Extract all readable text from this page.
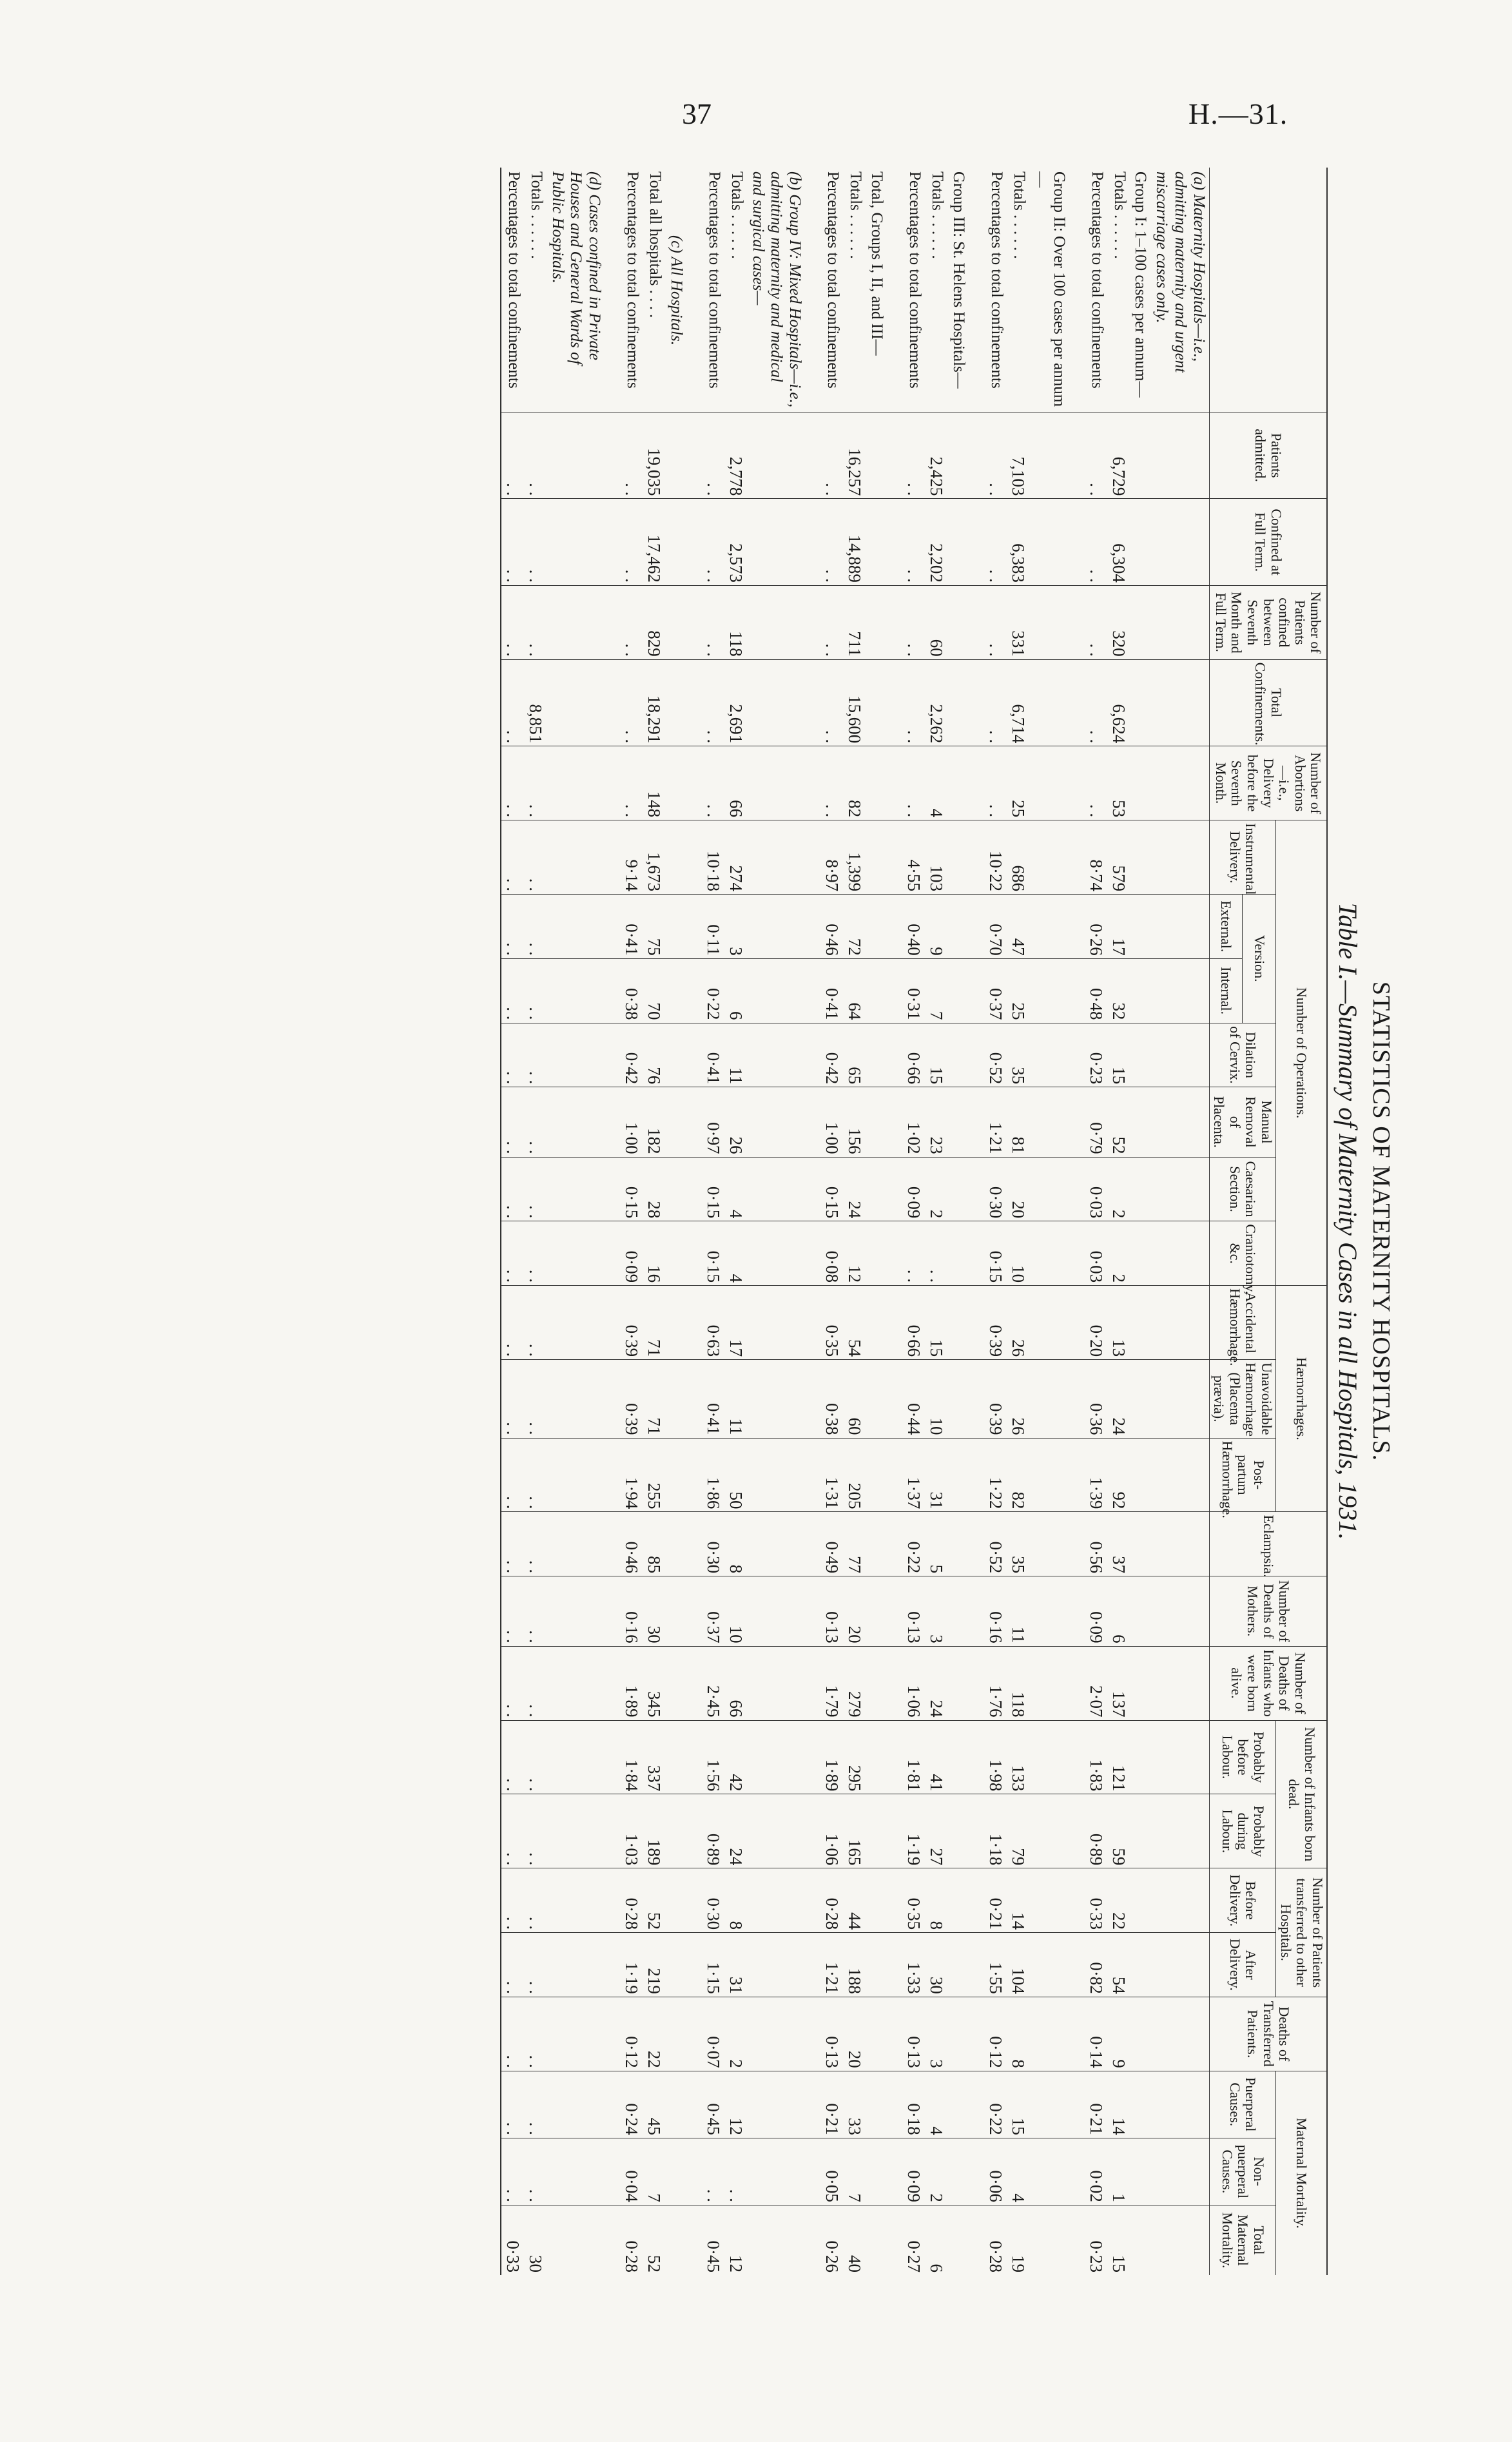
37	H.—31.
STATISTICS OF MATERNITY HOSPITALS.
Table I.—Summary of Maternity Cases in all Hospitals, 1931.
	Patients admitted.	Confined at Full Term.	Number of Patients confined between Seventh Month and Full Term.	Total Confinements.	Number of Abortions—i.e., Delivery before the Seventh Month.	Number of Operations.							Hæmorrhages.			Eclampsia.	Number of Deaths of Mothers.	Number of Deaths of Infants who were born alive.	Number of Infants born dead.		Number of Patients transferred to other Hospitals.		Deaths of Transferred Patients.	Maternal Mortality.		
						Instrumental Delivery.	Version.		Dilation of Cervix.	Manual Removal of Placenta.	Caesarian Section.	Craniotomy, &c.	Accidental Hæmorrhage.	Unavoidable Hæmorrhage (Placenta prævia).	Post-partum Hæmorrhage.				Probably before Labour.	Probably during Labour.	Before Delivery.	After Delivery.		Puerperal Causes.	Non-puerperal Causes.	Total Maternal Mortality.
							External.	Internal.																		
(a) Maternity Hospitals—i.e., admitting maternity and urgent miscarriage cases only.																										
Group I: 1–100 cases per annum—																										
Totals . . . . . .	6,729	6,304	320	6,624	53	579	17	32	15	52	2	2	13	24	92	37	6	137	121	59	22	54	9	14	1	15
Percentages to total confinements	. .	. .	. .	. .	. .	8·74	0·26	0·48	0·23	0·79	0·03	0·03	0·20	0·36	1·39	0·56	0·09	2·07	1·83	0·89	0·33	0·82	0·14	0·21	0·02	0·23

Group II: Over 100 cases per annum—																										
Totals . . . . . .	7,103	6,383	331	6,714	25	686	47	25	35	81	20	10	26	26	82	35	11	118	133	79	14	104	8	15	4	19
Percentages to total confinements	. .	. .	. .	. .	. .	10·22	0·70	0·37	0·52	1·21	0·30	0·15	0·39	0·39	1·22	0·52	0·16	1·76	1·98	1·18	0·21	1·55	0·12	0·22	0·06	0·28

Group III: St. Helens Hospitals—																										
Totals . . . . . .	2,425	2,202	60	2,262	4	103	9	7	15	23	2	. .	15	10	31	5	3	24	41	27	8	30	3	4	2	6
Percentages to total confinements	. .	. .	. .	. .	. .	4·55	0·40	0·31	0·66	1·02	0·09	. .	0·66	0·44	1·37	0·22	0·13	1·06	1·81	1·19	0·35	1·33	0·13	0·18	0·09	0·27

Total, Groups I, II, and III—																										
Totals . . . . . .	16,257	14,889	711	15,600	82	1,399	72	64	65	156	24	12	54	60	205	77	20	279	295	165	44	188	20	33	7	40
Percentages to total confinements	. .	. .	. .	. .	. .	8·97	0·46	0·41	0·42	1·00	0·15	0·08	0·35	0·38	1·31	0·49	0·13	1·79	1·89	1·06	0·28	1·21	0·13	0·21	0·05	0·26

(b) Group IV: Mixed Hospitals—i.e., admitting maternity and medical and surgical cases—																										
Totals . . . . . .	2,778	2,573	118	2,691	66	274	3	6	11	26	4	4	17	11	50	8	10	66	42	24	8	31	2	12	. .	12
Percentages to total confinements	. .	. .	. .	. .	. .	10·18	0·11	0·22	0·41	0·97	0·15	0·15	0·63	0·41	1·86	0·30	0·37	2·45	1·56	0·89	0·30	1·15	0·07	0·45	. .	0·45

(c) All Hospitals.																										
Total all hospitals . . . .	19,035	17,462	829	18,291	148	1,673	75	70	76	182	28	16	71	71	255	85	30	345	337	189	52	219	22	45	7	52
Percentages to total confinements	. .	. .	. .	. .	. .	9·14	0·41	0·38	0·42	1·00	0·15	0·09	0·39	0·39	1·94	0·46	0·16	1·89	1·84	1·03	0·28	1·19	0·12	0·24	0·04	0·28

(d) Cases confined in Private Houses and General Wards of Public Hospitals.																										
Totals . . . . . .	. .	. .	. .	8,851	. .	. .	. .	. .	. .	. .	. .	. .	. .	. .	. .	. .	. .	. .	. .	. .	. .	. .	. .	. .	. .	30
Percentages to total confinements	. .	. .	. .	. .	. .	. .	. .	. .	. .	. .	. .	. .	. .	. .	. .	. .	. .	. .	. .	. .	. .	. .	. .	. .	. .	0·33
